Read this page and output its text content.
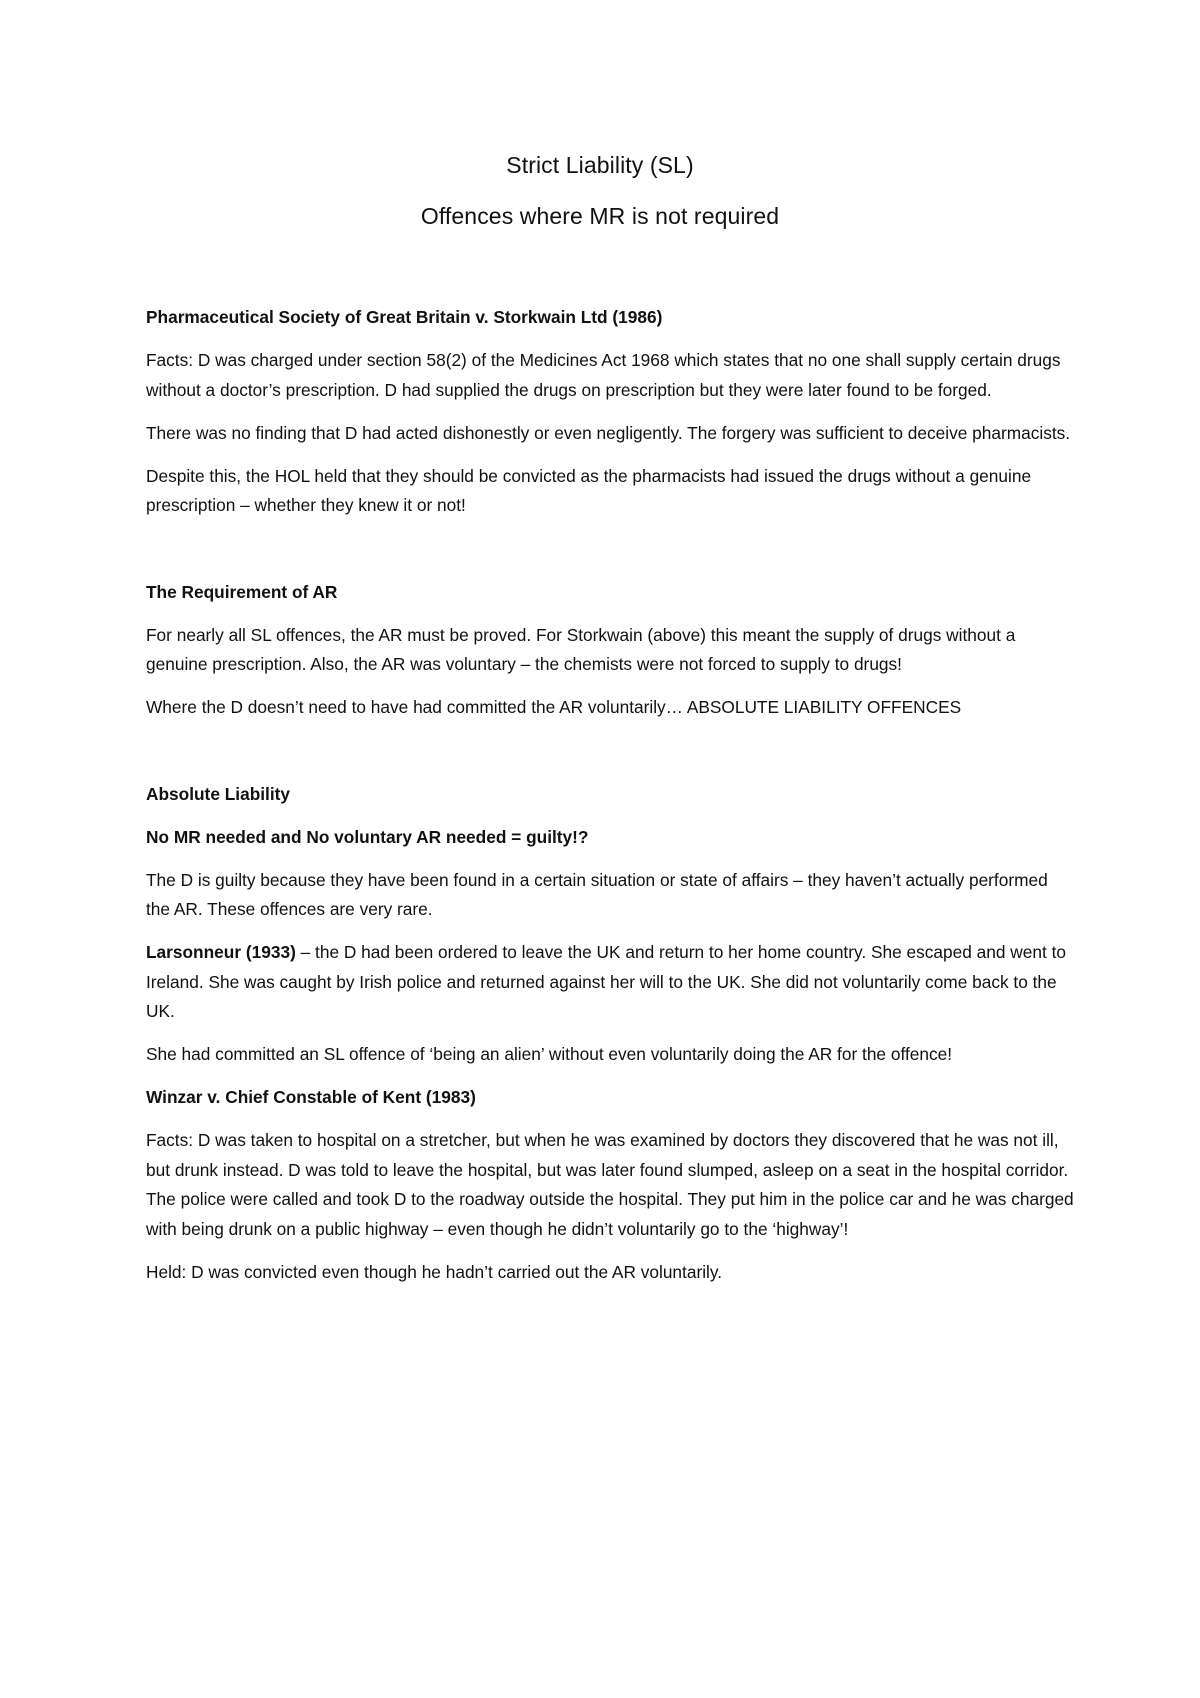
Strict Liability (SL)
Offences where MR is not required

Pharmaceutical Society of Great Britain v. Storkwain Ltd (1986)

Facts: D was charged under section 58(2) of the Medicines Act 1968 which states that no one shall supply certain drugs without a doctor’s prescription. D had supplied the drugs on prescription but they were later found to be forged.

There was no finding that D had acted dishonestly or even negligently. The forgery was sufficient to deceive pharmacists.

Despite this, the HOL held that they should be convicted as the pharmacists had issued the drugs without a genuine prescription – whether they knew it or not!

The Requirement of AR

For nearly all SL offences, the AR must be proved. For Storkwain (above) this meant the supply of drugs without a genuine prescription. Also, the AR was voluntary – the chemists were not forced to supply to drugs!

Where the D doesn’t need to have had committed the AR voluntarily… ABSOLUTE LIABILITY OFFENCES

Absolute Liability

No MR needed and No voluntary AR needed = guilty!?

The D is guilty because they have been found in a certain situation or state of affairs – they haven’t actually performed the AR. These offences are very rare.

Larsonneur (1933) – the D had been ordered to leave the UK and return to her home country. She escaped and went to Ireland. She was caught by Irish police and returned against her will to the UK. She did not voluntarily come back to the UK.

She had committed an SL offence of ‘being an alien’ without even voluntarily doing the AR for the offence!

Winzar v. Chief Constable of Kent (1983)

Facts: D was taken to hospital on a stretcher, but when he was examined by doctors they discovered that he was not ill, but drunk instead. D was told to leave the hospital, but was later found slumped, asleep on a seat in the hospital corridor. The police were called and took D to the roadway outside the hospital. They put him in the police car and he was charged with being drunk on a public highway – even though he didn’t voluntarily go to the ‘highway’!

Held: D was convicted even though he hadn’t carried out the AR voluntarily.
